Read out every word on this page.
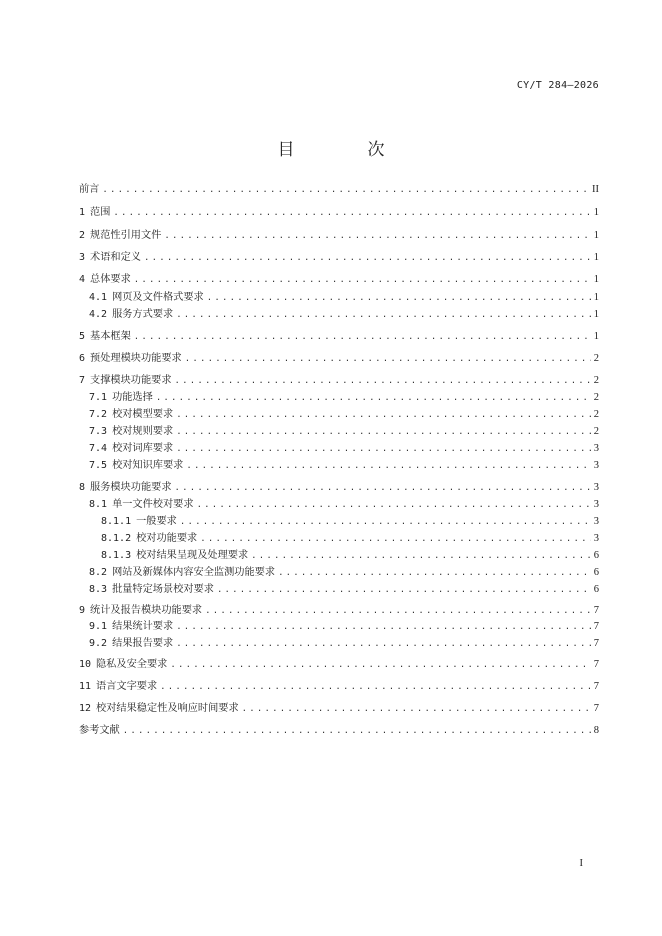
CY/T 284—2026
目　次
前言 .....	II
1 范围 .....	1
2 规范性引用文件 .....	1
3 术语和定义 .....	1
4 总体要求 .....	1
4.1 网页及文件格式要求 .....	1
4.2 服务方式要求 .....	1
5 基本框架 .....	1
6 预处理模块功能要求 .....	2
7 支撑模块功能要求 .....	2
7.1 功能选择 .....	2
7.2 校对模型要求 .....	2
7.3 校对规则要求 .....	2
7.4 校对词库要求 .....	3
7.5 校对知识库要求 .....	3
8 服务模块功能要求 .....	3
8.1 单一文件校对要求 .....	3
8.1.1 一般要求 .....	3
8.1.2 校对功能要求 .....	3
8.1.3 校对结果呈现及处理要求 .....	6
8.2 网站及新媒体内容安全监测功能要求 .....	6
8.3 批量特定场景校对要求 .....	6
9 统计及报告模块功能要求 .....	7
9.1 结果统计要求 .....	7
9.2 结果报告要求 .....	7
10 隐私及安全要求 .....	7
11 语言文字要求 .....	7
12 校对结果稳定性及响应时间要求 .....	7
参考文献 .....	8
I
